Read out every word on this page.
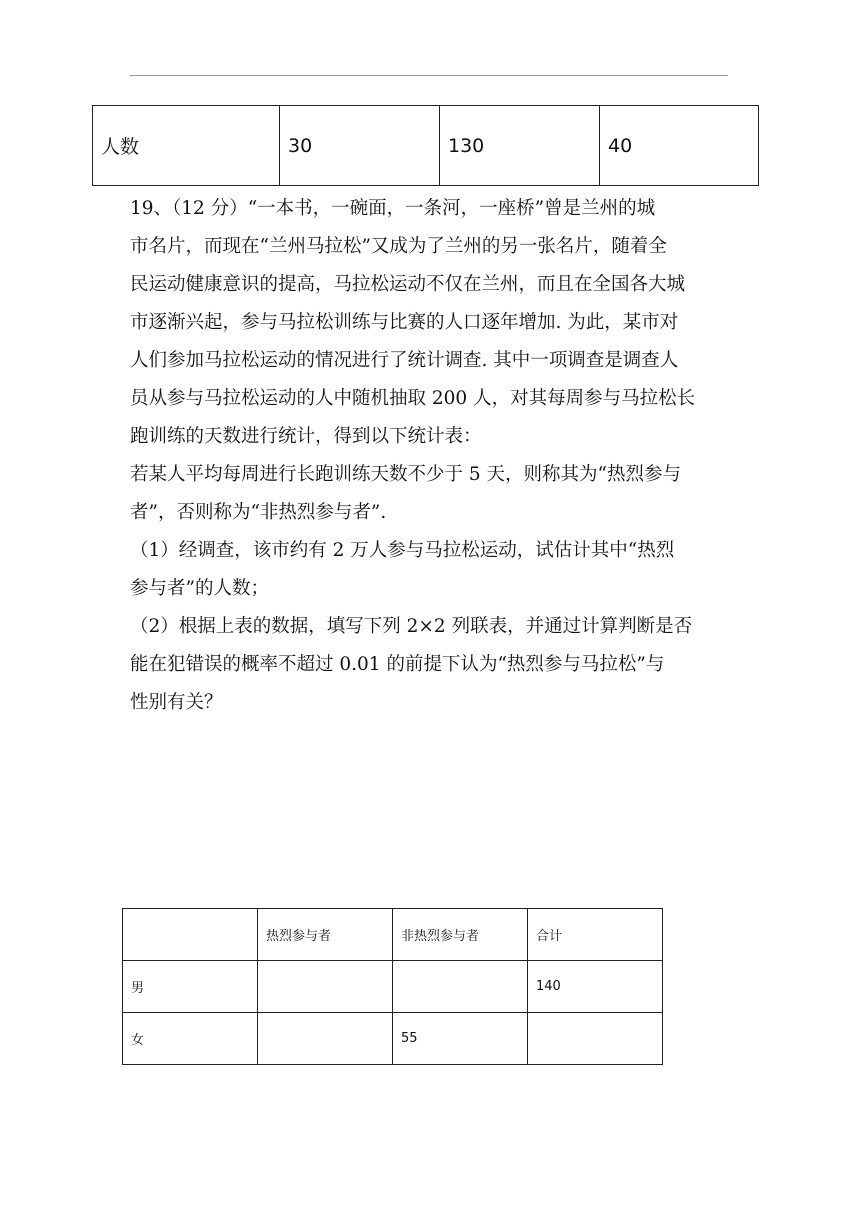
人数	30	130	40

19、（12 分）“一本书，一碗面，一条河，一座桥”曾是兰州的城

市名片，而现在“兰州马拉松”又成为了兰州的另一张名片，随着全

民运动健康意识的提高，马拉松运动不仅在兰州，而且在全国各大城

市逐渐兴起，参与马拉松训练与比赛的人口逐年增加. 为此，某市对

人们参加马拉松运动的情况进行了统计调查. 其中一项调查是调查人

员从参与马拉松运动的人中随机抽取 200 人，对其每周参与马拉松长

跑训练的天数进行统计，得到以下统计表：

若某人平均每周进行长跑训练天数不少于 5 天，则称其为“热烈参与

者”，否则称为“非热烈参与者”.

（1）经调查，该市约有 2 万人参与马拉松运动，试估计其中“热烈

参与者”的人数；

（2）根据上表的数据，填写下列 2×2 列联表，并通过计算判断是否

能在犯错误的概率不超过 0.01 的前提下认为“热烈参与马拉松”与

性别有关？

	热烈参与者	非热烈参与者	合计
男			140
女		55	
